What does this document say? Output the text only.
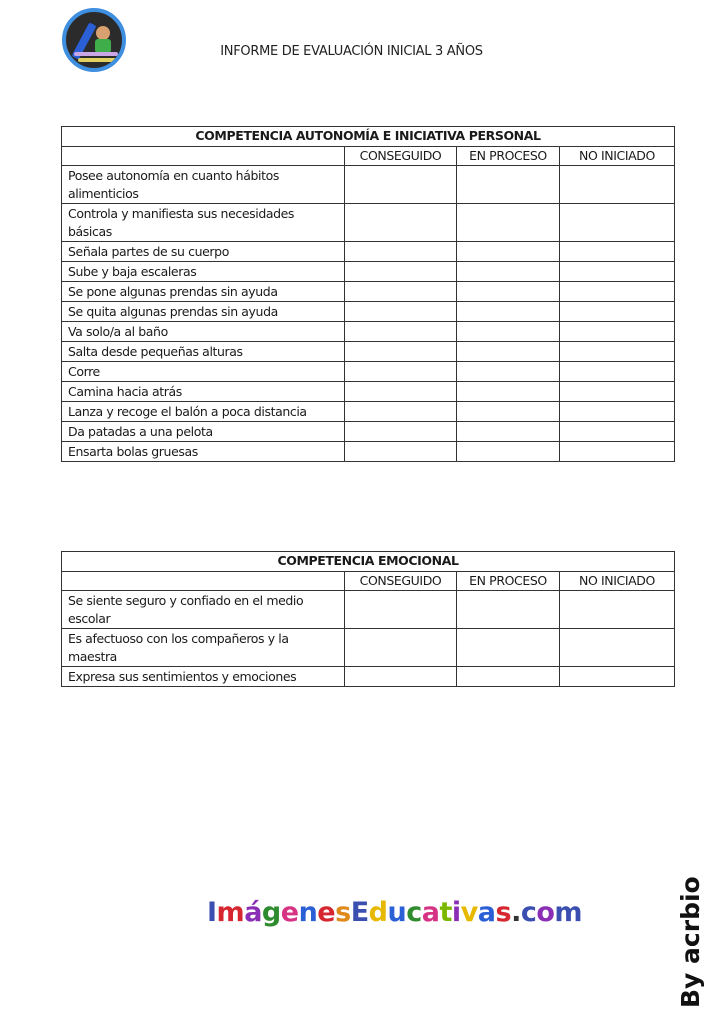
INFORME DE EVALUACIÓN INICIAL 3 AÑOS
COMPETENCIA AUTONOMÍA E INICIATIVA PERSONAL			
	CONSEGUIDO	EN PROCESO	NO INICIADO
Posee autonomía en cuanto hábitos alimenticios			
Controla y manifiesta sus necesidades básicas			
Señala partes de su cuerpo			
Sube y baja escaleras			
Se pone algunas prendas sin ayuda			
Se quita algunas prendas sin ayuda			
Va solo/a al baño			
Salta desde pequeñas alturas			
Corre			
Camina hacia atrás			
Lanza y recoge el balón a poca distancia			
Da patadas a una pelota			
Ensarta bolas gruesas			
COMPETENCIA EMOCIONAL			
	CONSEGUIDO	EN PROCESO	NO INICIADO
Se siente seguro y confiado en el medio escolar			
Es afectuoso con los compañeros y la maestra			
Expresa sus sentimientos y emociones			
ImágenesEducativas.com	By acrbio
